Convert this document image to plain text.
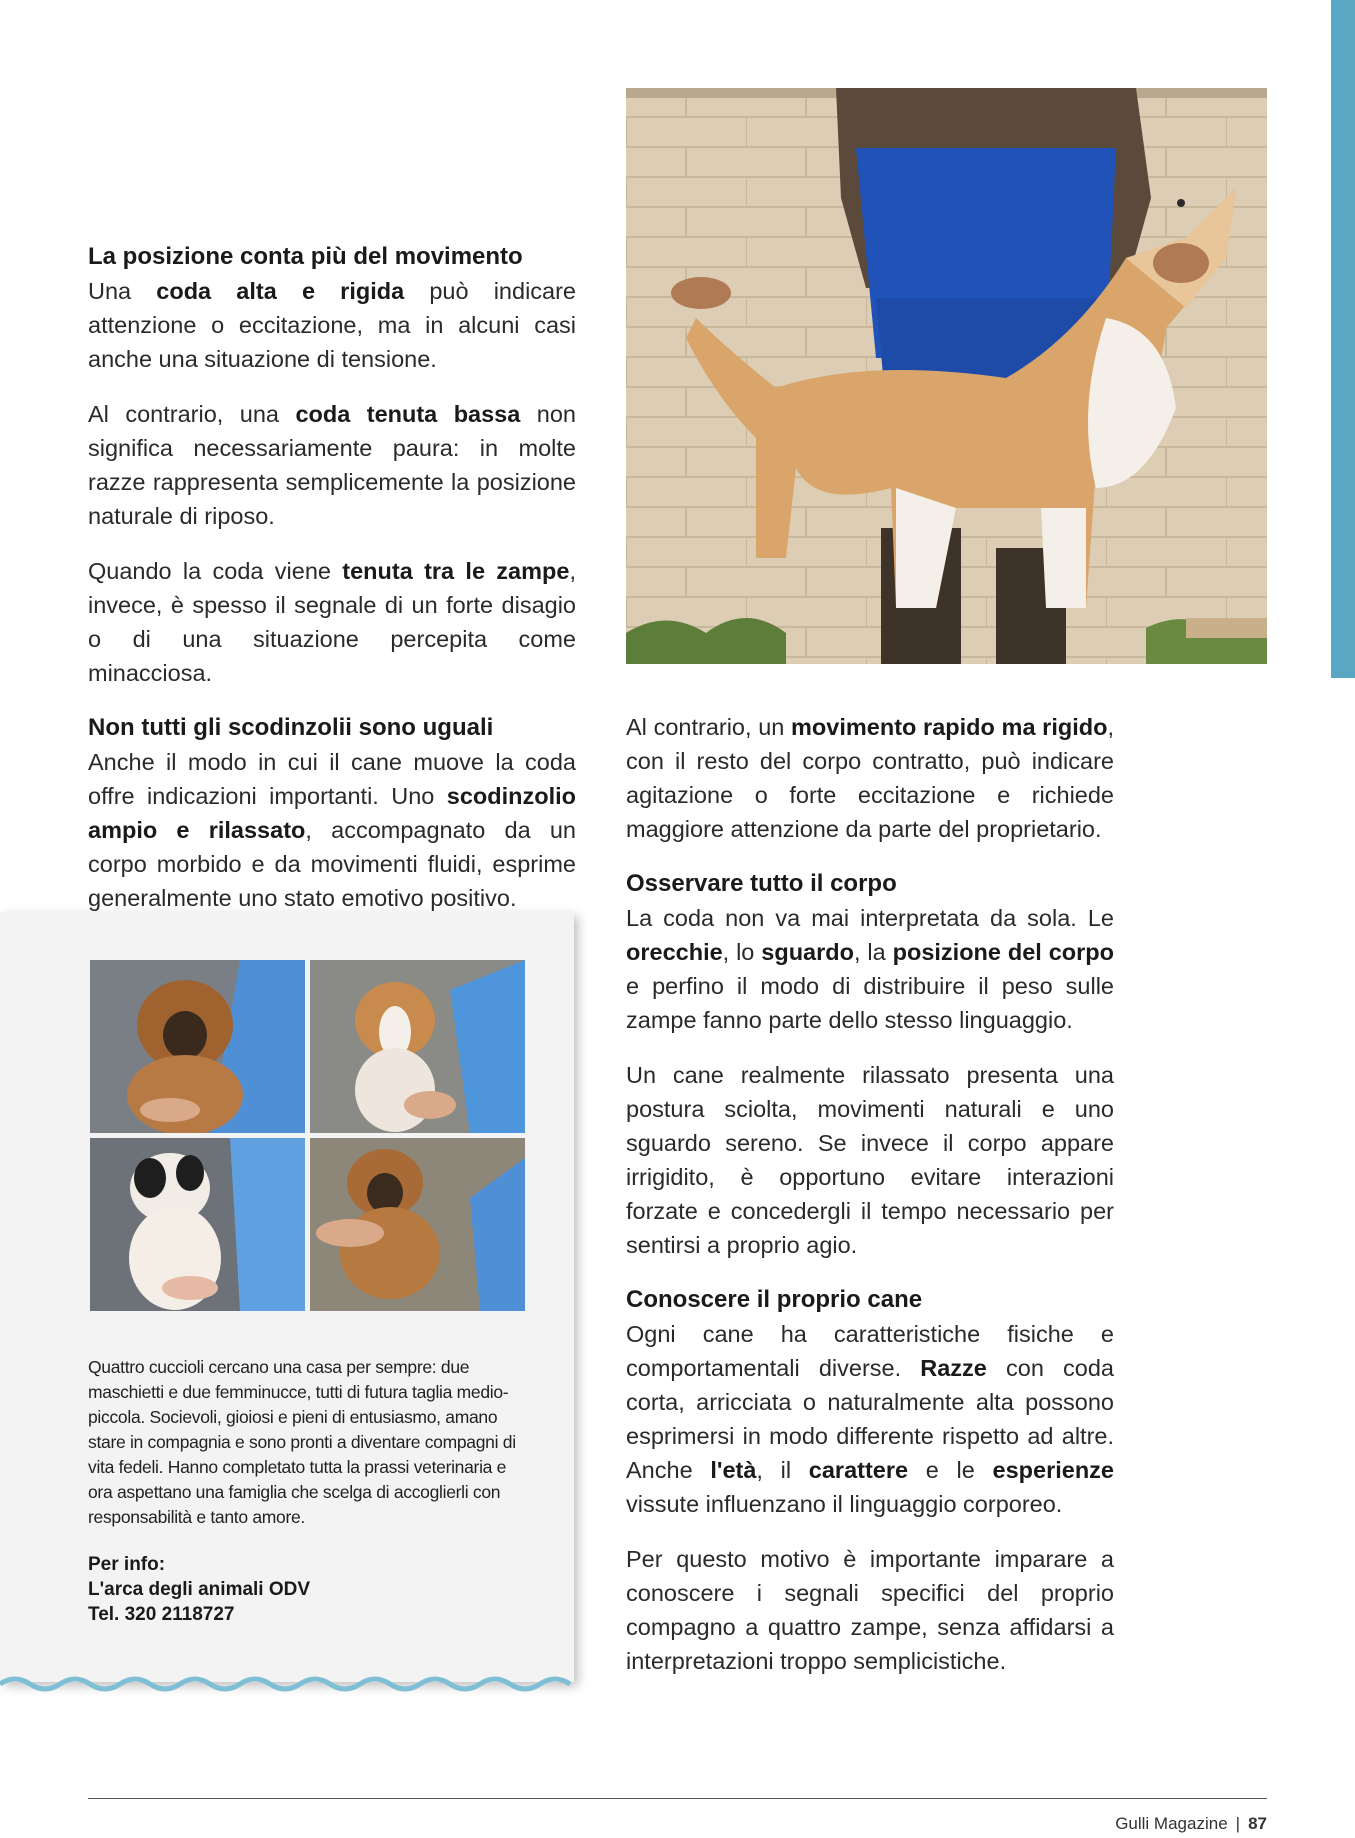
La posizione conta più del movimento

Una coda alta e rigida può indicare attenzione o eccitazione, ma in alcuni casi anche una situazione di tensione.

Al contrario, una coda tenuta bassa non significa necessariamente paura: in molte razze rappresenta semplicemente la posizione naturale di riposo.

Quando la coda viene tenuta tra le zampe, invece, è spesso il segnale di un forte disagio o di una situazione percepita come minacciosa.

Non tutti gli scodinzolii sono uguali

Anche il modo in cui il cane muove la coda offre indicazioni importanti. Uno scodinzolio ampio e rilassato, accompagnato da un corpo morbido e da movimenti fluidi, esprime generalmente uno stato emotivo positivo.

Al contrario, un movimento rapido ma rigido, con il resto del corpo contratto, può indicare agitazione o forte eccitazione e richiede maggiore attenzione da parte del proprietario.

Osservare tutto il corpo

La coda non va mai interpretata da sola. Le orecchie, lo sguardo, la posizione del corpo e perfino il modo di distribuire il peso sulle zampe fanno parte dello stesso linguaggio.

Un cane realmente rilassato presenta una postura sciolta, movimenti naturali e uno sguardo sereno. Se invece il corpo appare irrigidito, è opportuno evitare interazioni forzate e concedergli il tempo necessario per sentirsi a proprio agio.

Conoscere il proprio cane

Ogni cane ha caratteristiche fisiche e comportamentali diverse. Razze con coda corta, arricciata o naturalmente alta possono esprimersi in modo differente rispetto ad altre. Anche l'età, il carattere e le esperienze vissute influenzano il linguaggio corporeo.

Per questo motivo è importante imparare a conoscere i segnali specifici del proprio compagno a quattro zampe, senza affidarsi a interpretazioni troppo semplicistiche.

Quattro cuccioli cercano una casa per sempre: due maschietti e due femminucce, tutti di futura taglia medio-piccola. Socievoli, gioiosi e pieni di entusiasmo, amano stare in compagnia e sono pronti a diventare compagni di vita fedeli. Hanno completato tutta la prassi veterinaria e ora aspettano una famiglia che scelga di accoglierli con responsabilità e tanto amore.
Per info:
L'arca degli animali ODV
Tel. 320 2118727
Gulli Magazine | 87
